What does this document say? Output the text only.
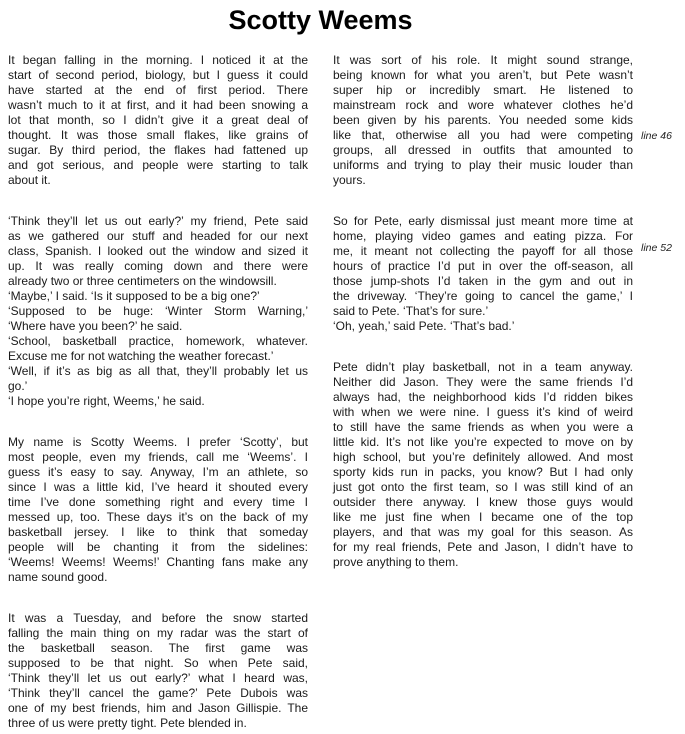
Scotty Weems
It began falling in the morning. I noticed it at the
start of second period, biology, but I guess it could
have started at the end of first period. There
wasn’t much to it at first, and it had been snowing a
lot that month, so I didn’t give it a great deal of
thought. It was those small flakes, like grains of
sugar. By third period, the flakes had fattened up
and got serious, and people were starting to talk
about it.
‘Think they’ll let us out early?’ my friend, Pete said
as we gathered our stuff and headed for our next
class, Spanish. I looked out the window and sized it
up. It was really coming down and there were
already two or three centimeters on the windowsill.
‘Maybe,’ I said. ‘Is it supposed to be a big one?’
‘Supposed to be huge: ‘Winter Storm Warning,’
‘Where have you been?’ he said.
‘School, basketball practice, homework, whatever.
Excuse me for not watching the weather forecast.’
‘Well, if it’s as big as all that, they’ll probably let us
go.’
‘I hope you’re right, Weems,’ he said.
My name is Scotty Weems. I prefer ‘Scotty’, but
most people, even my friends, call me ‘Weems’. I
guess it’s easy to say. Anyway, I’m an athlete, so
since I was a little kid, I’ve heard it shouted every
time I’ve done something right and every time I
messed up, too. These days it’s on the back of my
basketball jersey. I like to think that someday
people will be chanting it from the sidelines:
‘Weems! Weems! Weems!’ Chanting fans make any
name sound good.
It was a Tuesday, and before the snow started
falling the main thing on my radar was the start of
the basketball season. The first game was
supposed to be that night. So when Pete said,
‘Think they’ll let us out early?’ what I heard was,
‘Think they’ll cancel the game?’ Pete Dubois was
one of my best friends, him and Jason Gillispie. The
three of us were pretty tight. Pete blended in.
It was sort of his role. It might sound strange,
being known for what you aren’t, but Pete wasn’t
super hip or incredibly smart. He listened to
mainstream rock and wore whatever clothes he’d
been given by his parents. You needed some kids
like that, otherwise all you had were competing
groups, all dressed in outfits that amounted to
uniforms and trying to play their music louder than
yours.
So for Pete, early dismissal just meant more time at
home, playing video games and eating pizza. For
me, it meant not collecting the payoff for all those
hours of practice I’d put in over the off-season, all
those jump-shots I’d taken in the gym and out in
the driveway. ‘They’re going to cancel the game,’ I
said to Pete. ‘That’s for sure.’
‘Oh, yeah,’ said Pete. ‘That’s bad.’
Pete didn’t play basketball, not in a team anyway.
Neither did Jason. They were the same friends I’d
always had, the neighborhood kids I’d ridden bikes
with when we were nine. I guess it’s kind of weird
to still have the same friends as when you were a
little kid. It’s not like you’re expected to move on by
high school, but you’re definitely allowed. And most
sporty kids run in packs, you know? But I had only
just got onto the first team, so I was still kind of an
outsider there anyway. I knew those guys would
like me just fine when I became one of the top
players, and that was my goal for this season. As
for my real friends, Pete and Jason, I didn’t have to
prove anything to them.
line 46
line 52
